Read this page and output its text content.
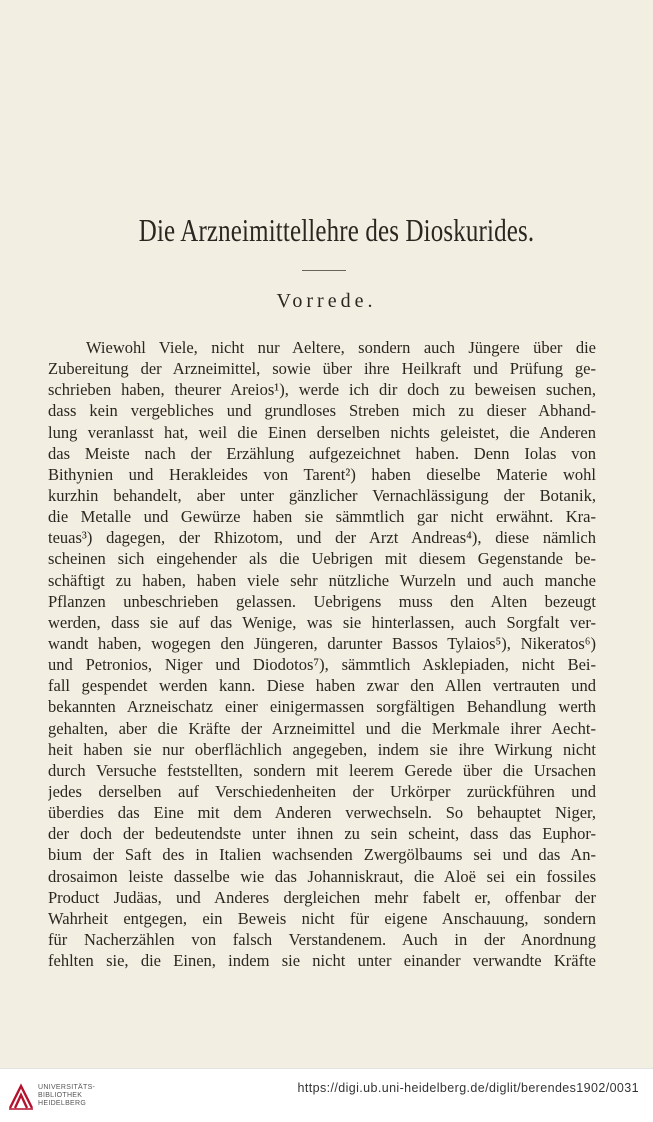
Die Arzneimittellehre des Dioskurides.
Vorrede.
Wiewohl Viele, nicht nur Aeltere, sondern auch Jüngere über die
Zubereitung der Arzneimittel, sowie über ihre Heilkraft und Prüfung ge-
schrieben haben, theurer Areios¹), werde ich dir doch zu beweisen suchen,
dass kein vergebliches und grundloses Streben mich zu dieser Abhand-
lung veranlasst hat, weil die Einen derselben nichts geleistet, die Anderen
das Meiste nach der Erzählung aufgezeichnet haben. Denn Iolas von
Bithynien und Herakleides von Tarent²) haben dieselbe Materie wohl
kurzhin behandelt, aber unter gänzlicher Vernachlässigung der Botanik,
die Metalle und Gewürze haben sie sämmtlich gar nicht erwähnt. Kra-
teuas³) dagegen, der Rhizotom, und der Arzt Andreas⁴), diese nämlich
scheinen sich eingehender als die Uebrigen mit diesem Gegenstande be-
schäftigt zu haben, haben viele sehr nützliche Wurzeln und auch manche
Pflanzen unbeschrieben gelassen. Uebrigens muss den Alten bezeugt
werden, dass sie auf das Wenige, was sie hinterlassen, auch Sorgfalt ver-
wandt haben, wogegen den Jüngeren, darunter Bassos Tylaios⁵), Nikeratos⁶)
und Petronios, Niger und Diodotos⁷), sämmtlich Asklepiaden, nicht Bei-
fall gespendet werden kann. Diese haben zwar den Allen vertrauten und
bekannten Arzneischatz einer einigermassen sorgfältigen Behandlung werth
gehalten, aber die Kräfte der Arzneimittel und die Merkmale ihrer Aecht-
heit haben sie nur oberflächlich angegeben, indem sie ihre Wirkung nicht
durch Versuche feststellten, sondern mit leerem Gerede über die Ursachen
jedes derselben auf Verschiedenheiten der Urkörper zurückführen und
überdies das Eine mit dem Anderen verwechseln. So behauptet Niger,
der doch der bedeutendste unter ihnen zu sein scheint, dass das Euphor-
bium der Saft des in Italien wachsenden Zwergölbaums sei und das An-
drosaimon leiste dasselbe wie das Johanniskraut, die Aloë sei ein fossiles
Product Judäas, und Anderes dergleichen mehr fabelt er, offenbar der
Wahrheit entgegen, ein Beweis nicht für eigene Anschauung, sondern
für Nacherzählen von falsch Verstandenem. Auch in der Anordnung
fehlten sie, die Einen, indem sie nicht unter einander verwandte Kräfte
UNIVERSITÄTS-
BIBLIOTHEK
HEIDELBERG
https://digi.ub.uni-heidelberg.de/diglit/berendes1902/0031
